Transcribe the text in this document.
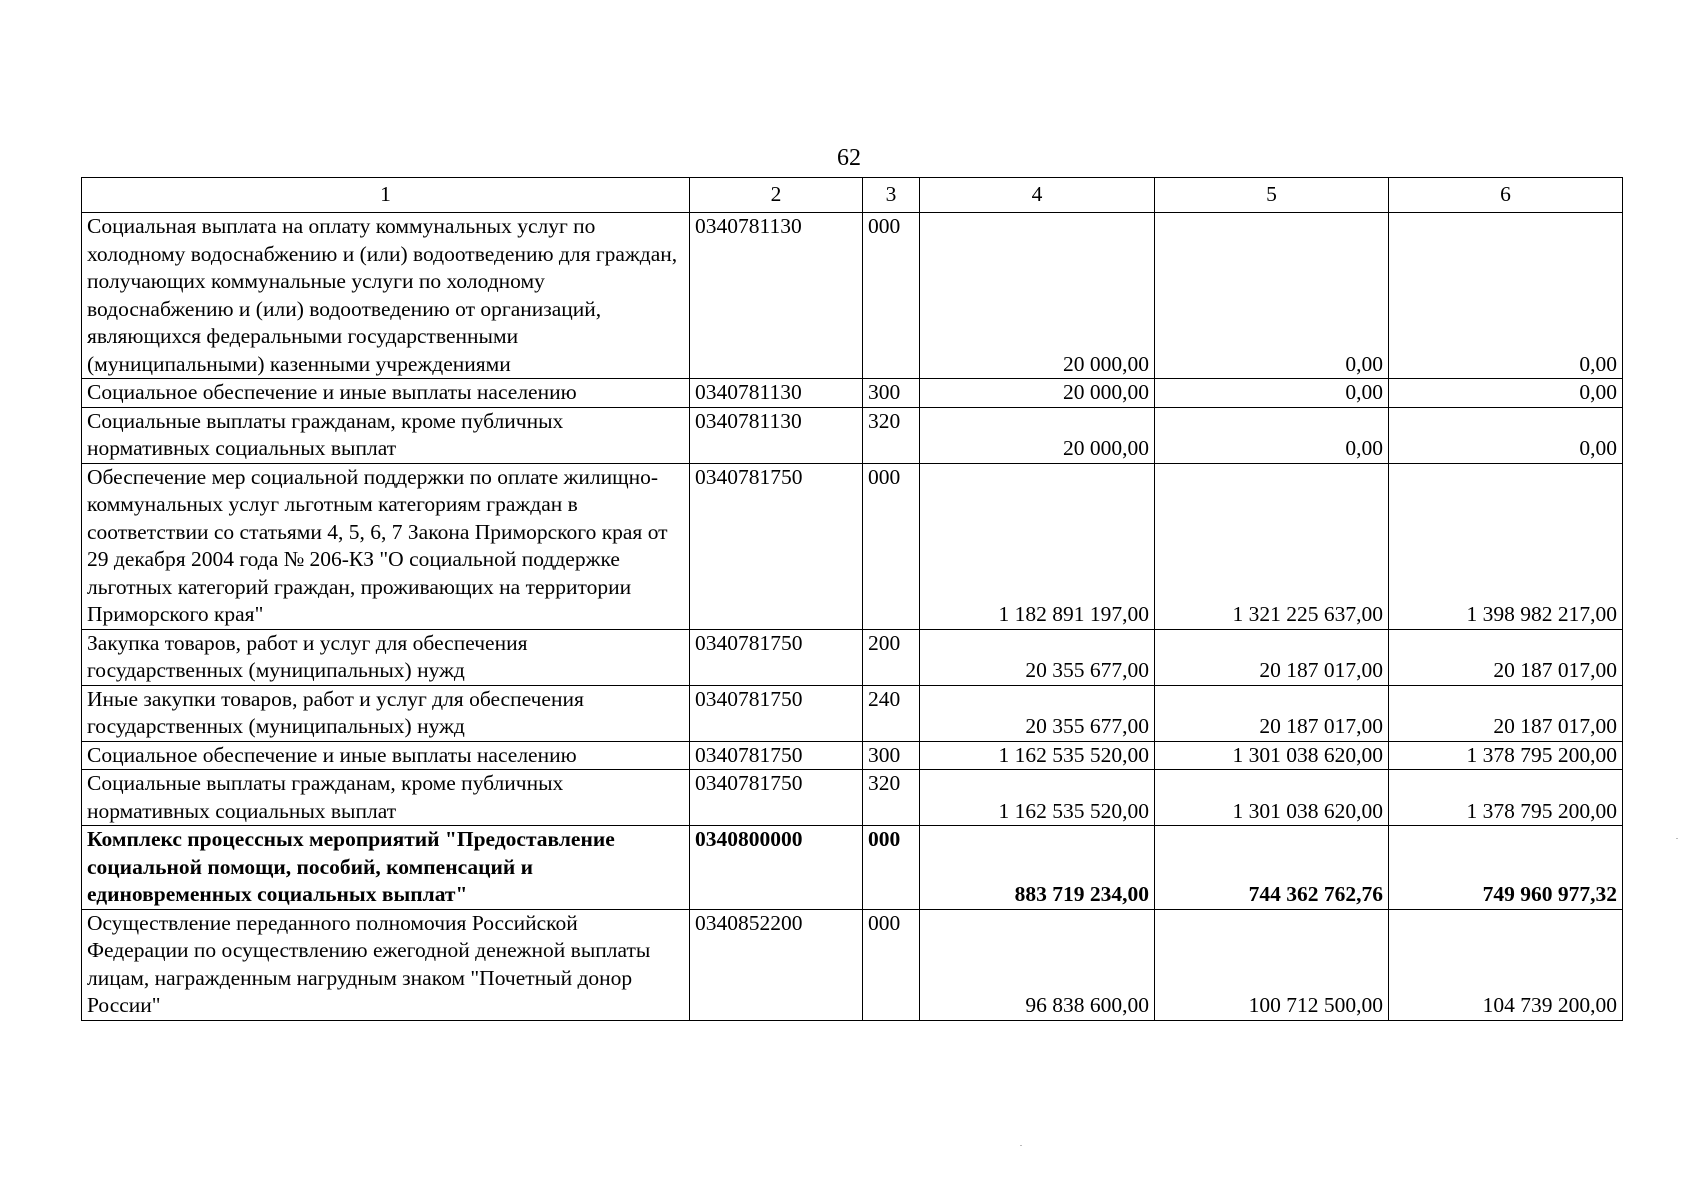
62
1	2	3	4	5	6
Социальная выплата на оплату коммунальных услуг по холодному водоснабжению и (или) водоотведению для граждан, получающих коммунальные услуги по холодному водоснабжению и (или) водоотведению от организаций, являющихся федеральными государственными (муниципальными) казенными учреждениями	0340781130	000	20 000,00	0,00	0,00
Социальное обеспечение и иные выплаты населению	0340781130	300	20 000,00	0,00	0,00
Социальные выплаты гражданам, кроме публичных нормативных социальных выплат	0340781130	320	20 000,00	0,00	0,00
Обеспечение мер социальной поддержки по оплате жилищно-коммунальных услуг льготным категориям граждан в соответствии со статьями 4, 5, 6, 7 Закона Приморского края от 29 декабря 2004 года № 206-КЗ "О социальной поддержке льготных категорий граждан, проживающих на территории Приморского края"	0340781750	000	1 182 891 197,00	1 321 225 637,00	1 398 982 217,00
Закупка товаров, работ и услуг для обеспечения государственных (муниципальных) нужд	0340781750	200	20 355 677,00	20 187 017,00	20 187 017,00
Иные закупки товаров, работ и услуг для обеспечения государственных (муниципальных) нужд	0340781750	240	20 355 677,00	20 187 017,00	20 187 017,00
Социальное обеспечение и иные выплаты населению	0340781750	300	1 162 535 520,00	1 301 038 620,00	1 378 795 200,00
Социальные выплаты гражданам, кроме публичных нормативных социальных выплат	0340781750	320	1 162 535 520,00	1 301 038 620,00	1 378 795 200,00
Комплекс процессных мероприятий "Предоставление социальной помощи, пособий, компенсаций и единовременных социальных выплат"	0340800000	000	883 719 234,00	744 362 762,76	749 960 977,32
Осуществление переданного полномочия Российской Федерации по осуществлению ежегодной денежной выплаты лицам, награжденным нагрудным знаком "Почетный донор России"	0340852200	000	96 838 600,00	100 712 500,00	104 739 200,00
